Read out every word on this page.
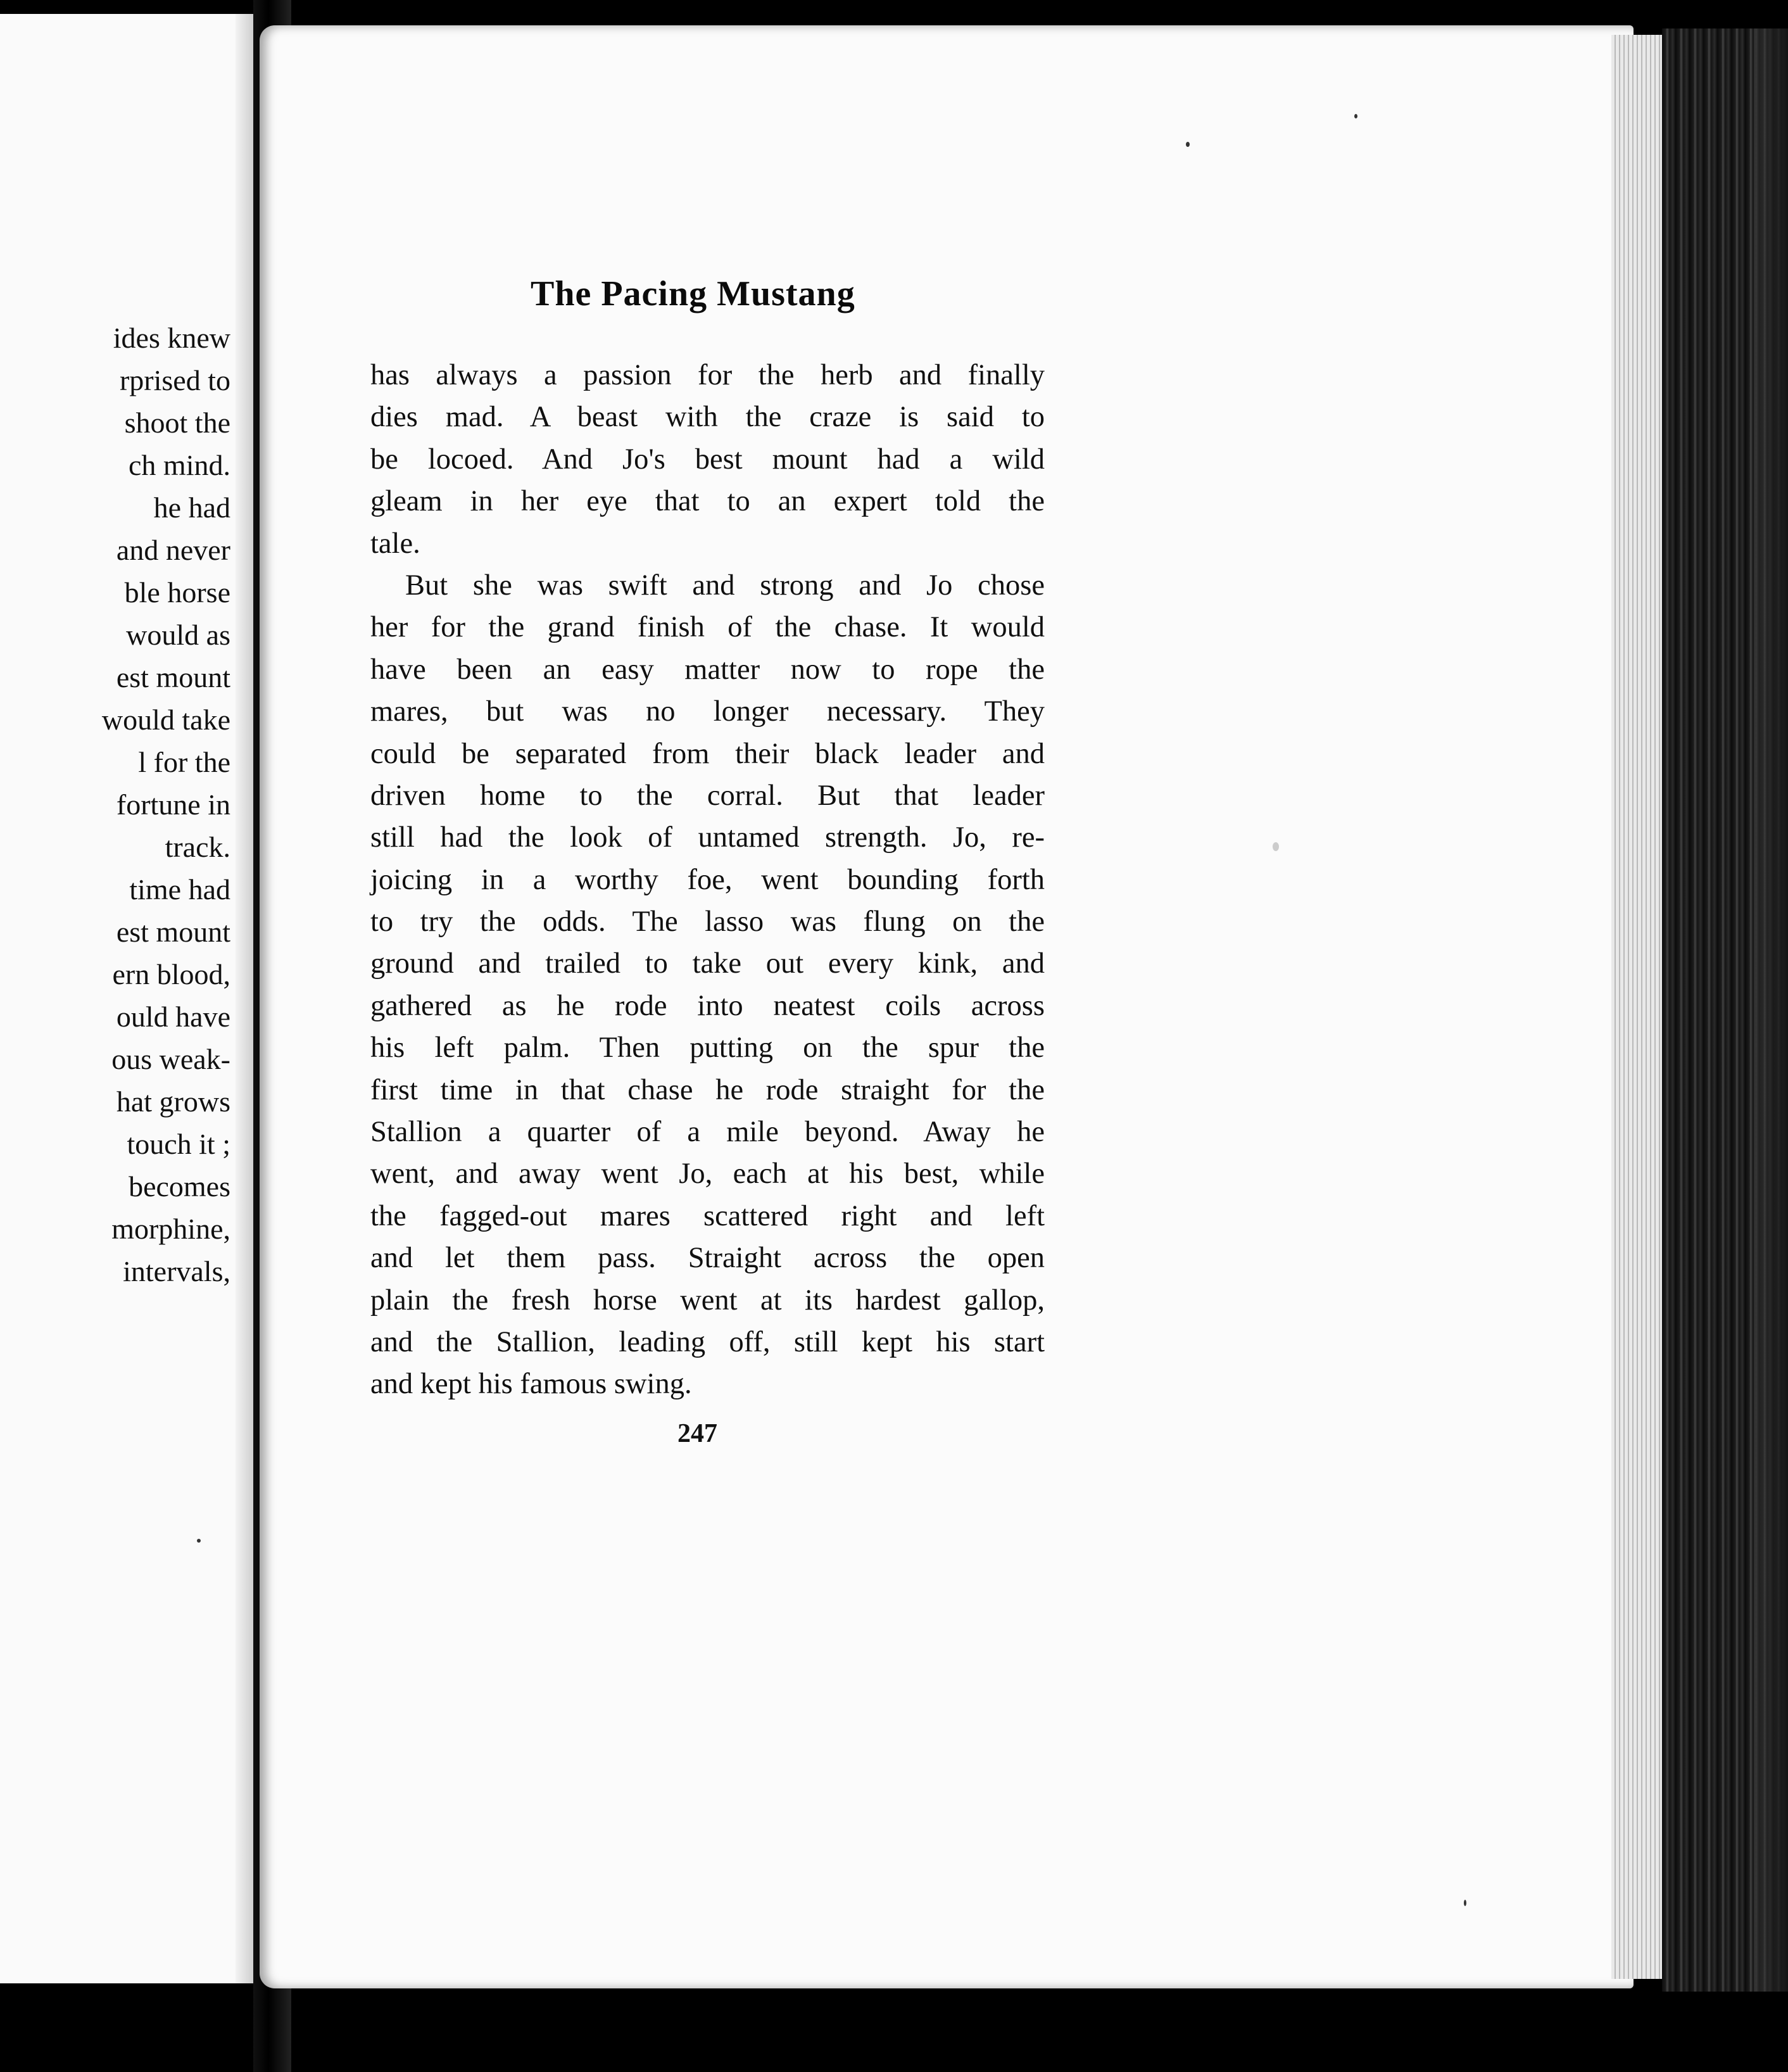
ides knew
rprised to
shoot the
ch mind.
he had
and never
ble horse
would as
est mount
would take
l for the
fortune in
track.
time had
est mount
ern blood,
ould have
ous weak-
hat grows
touch it ;
becomes
morphine,
intervals,
The Pacing Mustang
has always a passion for the herb and finally
dies mad. A beast with the craze is said to
be locoed. And Jo's best mount had a wild
gleam in her eye that to an expert told the
tale.
But she was swift and strong and Jo chose
her for the grand finish of the chase. It would
have been an easy matter now to rope the
mares, but was no longer necessary. They
could be separated from their black leader and
driven home to the corral. But that leader
still had the look of untamed strength. Jo, re-
joicing in a worthy foe, went bounding forth
to try the odds. The lasso was flung on the
ground and trailed to take out every kink, and
gathered as he rode into neatest coils across
his left palm. Then putting on the spur the
first time in that chase he rode straight for the
Stallion a quarter of a mile beyond. Away he
went, and away went Jo, each at his best, while
the fagged-out mares scattered right and left
and let them pass. Straight across the open
plain the fresh horse went at its hardest gallop,
and the Stallion, leading off, still kept his start
and kept his famous swing.
247
